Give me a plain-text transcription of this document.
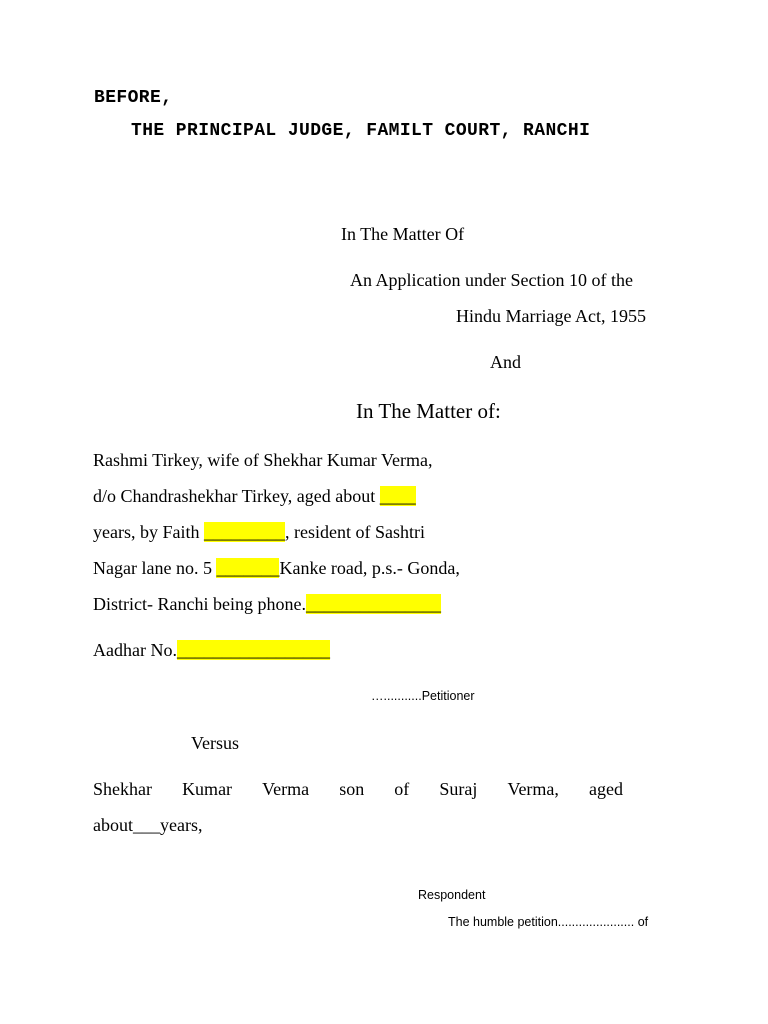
BEFORE,
THE PRINCIPAL JUDGE, FAMILT COURT, RANCHI
In The Matter Of
An Application under Section 10 of the
Hindu Marriage Act, 1955
And
In The Matter of:
Rashmi Tirkey, wife of Shekhar Kumar Verma,
d/o Chandrashekhar Tirkey, aged about ____
years, by Faith _________, resident of Sashtri
Nagar lane no. 5 _______Kanke road, p.s.- Gonda,
District- Ranchi being phone._______________
Aadhar No._________________
…...........Petitioner
Versus
Shekhar Kumar Verma son of Suraj Verma, aged
about___years,
Respondent
The humble petition...................... of
